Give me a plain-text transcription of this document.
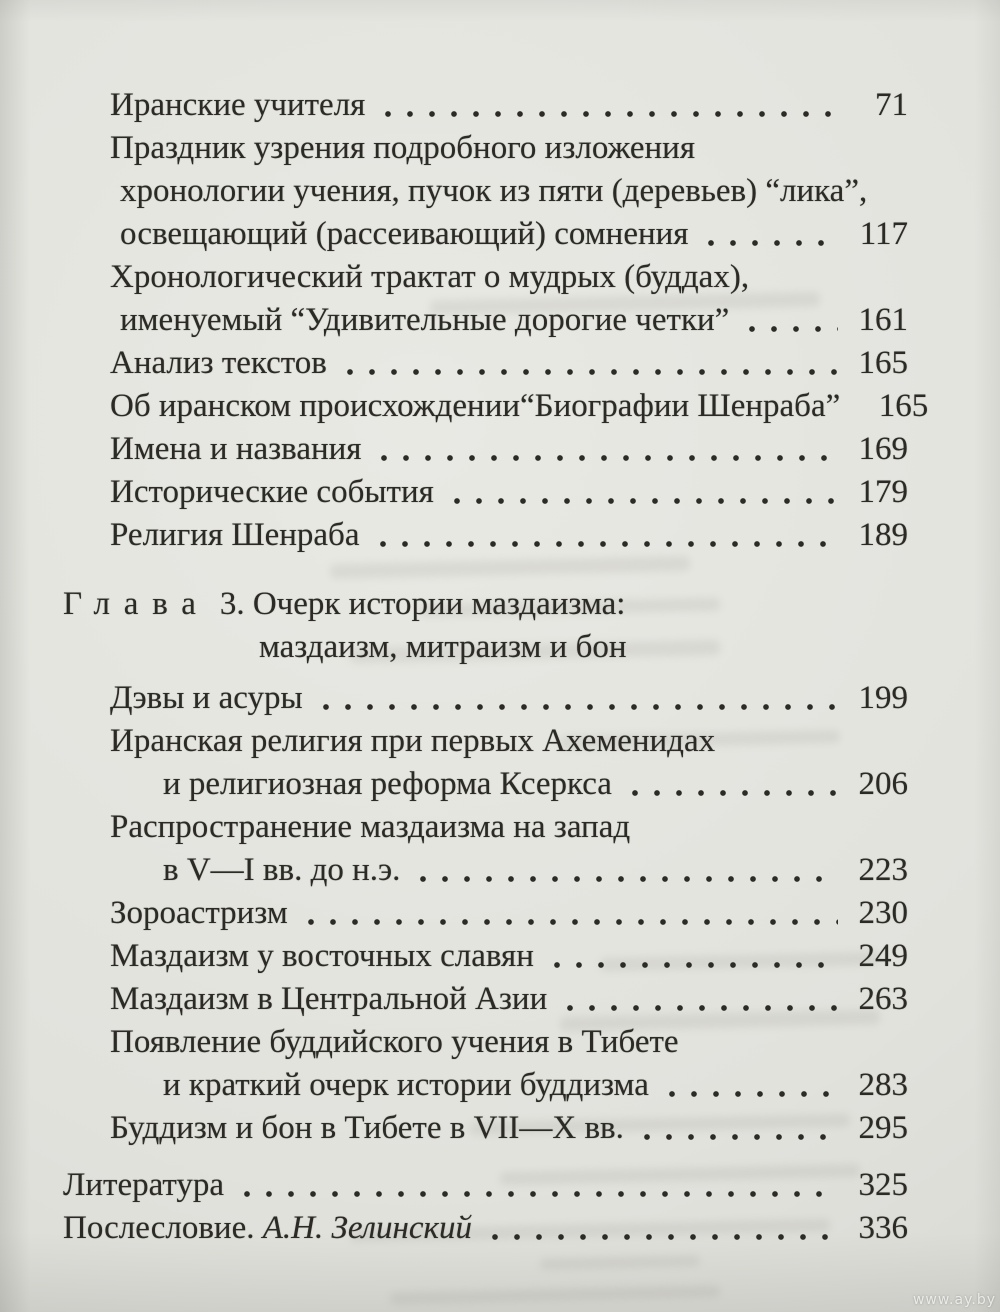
Иранские учителя	71
Праздник узрения подробного изложения
хронологии учения, пучок из пяти (деревьев) “лика”,
освещающий (рассеивающий) сомнения	117
Хронологический трактат о мудрых (буддах),
именуемый “Удивительные дорогие четки”	161
Анализ текстов	165
Об иранском происхождении“Биографии Шенраба”	165
Имена и названия	169
Исторические события	179
Религия Шенраба	189
Глава 3. Очерк истории маздаизма:
маздаизм, митраизм и бон
Дэвы и асуры	199
Иранская религия при первых Ахеменидах
и религиозная реформа Ксеркса	206
Распространение маздаизма на запад
в V—I вв. до н.э.	223
Зороастризм	230
Маздаизм у восточных славян	249
Маздаизм в Центральной Азии	263
Появление буддийского учения в Тибете
и краткий очерк истории буддизма	283
Буддизм и бон в Тибете в VII—X вв.	295
Литература	325
Послесловие. А.Н. Зелинский	336
www.ay.by
